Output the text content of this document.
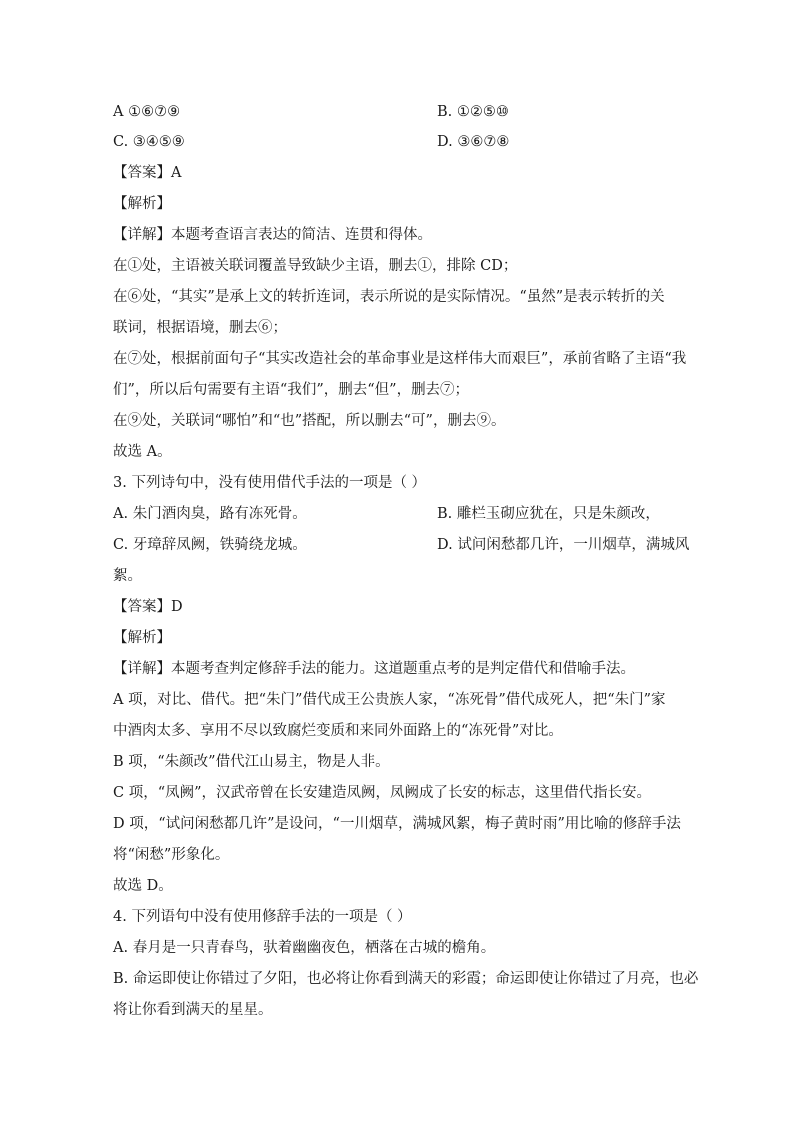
A ①⑥⑦⑨	B. ①②⑤⑩
C. ③④⑤⑨	D. ③⑥⑦⑧
【答案】A
【解析】
【详解】本题考查语言表达的简洁、连贯和得体。
在①处，主语被关联词覆盖导致缺少主语，删去①，排除 CD；
在⑥处，“其实”是承上文的转折连词，表示所说的是实际情况。“虽然”是表示转折的关
联词，根据语境，删去⑥；
在⑦处，根据前面句子“其实改造社会的革命事业是这样伟大而艰巨”，承前省略了主语“我
们”，所以后句需要有主语“我们”，删去“但”，删去⑦；
在⑨处，关联词“哪怕”和“也”搭配，所以删去“可”，删去⑨。
故选 A。
3. 下列诗句中，没有使用借代手法的一项是（ ）
A. 朱门酒肉臭，路有冻死骨。	B. 雕栏玉砌应犹在，只是朱颜改，
C. 牙璋辞凤阙，铁骑绕龙城。	D. 试问闲愁都几许，一川烟草，满城风
絮。
【答案】D
【解析】
【详解】本题考查判定修辞手法的能力。这道题重点考的是判定借代和借喻手法。
A 项，对比、借代。把“朱门”借代成王公贵族人家，“冻死骨”借代成死人，把“朱门”家
中酒肉太多、享用不尽以致腐烂变质和来同外面路上的“冻死骨”对比。
B 项，“朱颜改”借代江山易主，物是人非。
C 项，“凤阙”，汉武帝曾在长安建造凤阙，凤阙成了长安的标志，这里借代指长安。
D 项，“试问闲愁都几许”是设问，“一川烟草，满城风絮，梅子黄时雨”用比喻的修辞手法
将“闲愁”形象化。
故选 D。
4. 下列语句中没有使用修辞手法的一项是（ ）
A. 春月是一只青春鸟，驮着幽幽夜色，栖落在古城的檐角。
B. 命运即使让你错过了夕阳，也必将让你看到满天的彩霞；命运即使让你错过了月亮，也必
将让你看到满天的星星。
